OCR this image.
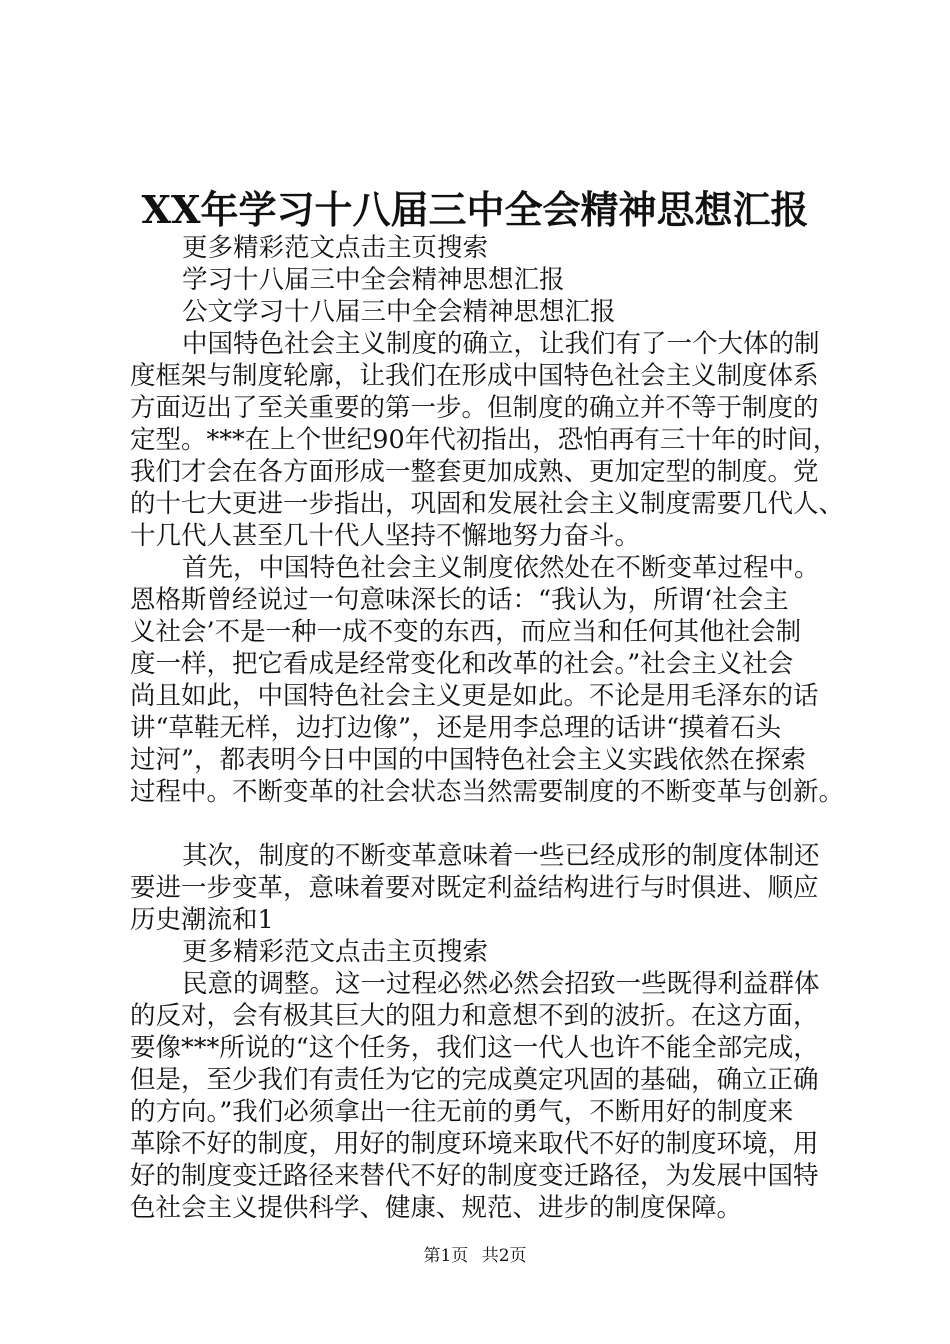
XX年学习十八届三中全会精神思想汇报
更多精彩范文点击主页搜索
学习十八届三中全会精神思想汇报
公文学习十八届三中全会精神思想汇报
中国特色社会主义制度的确立，让我们有了一个大体的制
度框架与制度轮廓，让我们在形成中国特色社会主义制度体系
方面迈出了至关重要的第一步。但制度的确立并不等于制度的
定型。***在上个世纪90年代初指出，恐怕再有三十年的时间，
我们才会在各方面形成一整套更加成熟、更加定型的制度。党
的十七大更进一步指出，巩固和发展社会主义制度需要几代人、
十几代人甚至几十代人坚持不懈地努力奋斗。
首先，中国特色社会主义制度依然处在不断变革过程中。
恩格斯曾经说过一句意味深长的话：“我认为，所谓‘社会主
义社会’不是一种一成不变的东西，而应当和任何其他社会制
度一样，把它看成是经常变化和改革的社会。”社会主义社会
尚且如此，中国特色社会主义更是如此。不论是用毛泽东的话
讲“草鞋无样，边打边像”，还是用李总理的话讲“摸着石头
过河”，都表明今日中国的中国特色社会主义实践依然在探索
过程中。不断变革的社会状态当然需要制度的不断变革与创新。
其次，制度的不断变革意味着一些已经成形的制度体制还
要进一步变革，意味着要对既定利益结构进行与时俱进、顺应
历史潮流和1
更多精彩范文点击主页搜索
民意的调整。这一过程必然必然会招致一些既得利益群体
的反对，会有极其巨大的阻力和意想不到的波折。在这方面，
要像***所说的“这个任务，我们这一代人也许不能全部完成，
但是，至少我们有责任为它的完成奠定巩固的基础，确立正确
的方向。”我们必须拿出一往无前的勇气，不断用好的制度来
革除不好的制度，用好的制度环境来取代不好的制度环境，用
好的制度变迁路径来替代不好的制度变迁路径，为发展中国特
色社会主义提供科学、健康、规范、进步的制度保障。
第1页 共2页
